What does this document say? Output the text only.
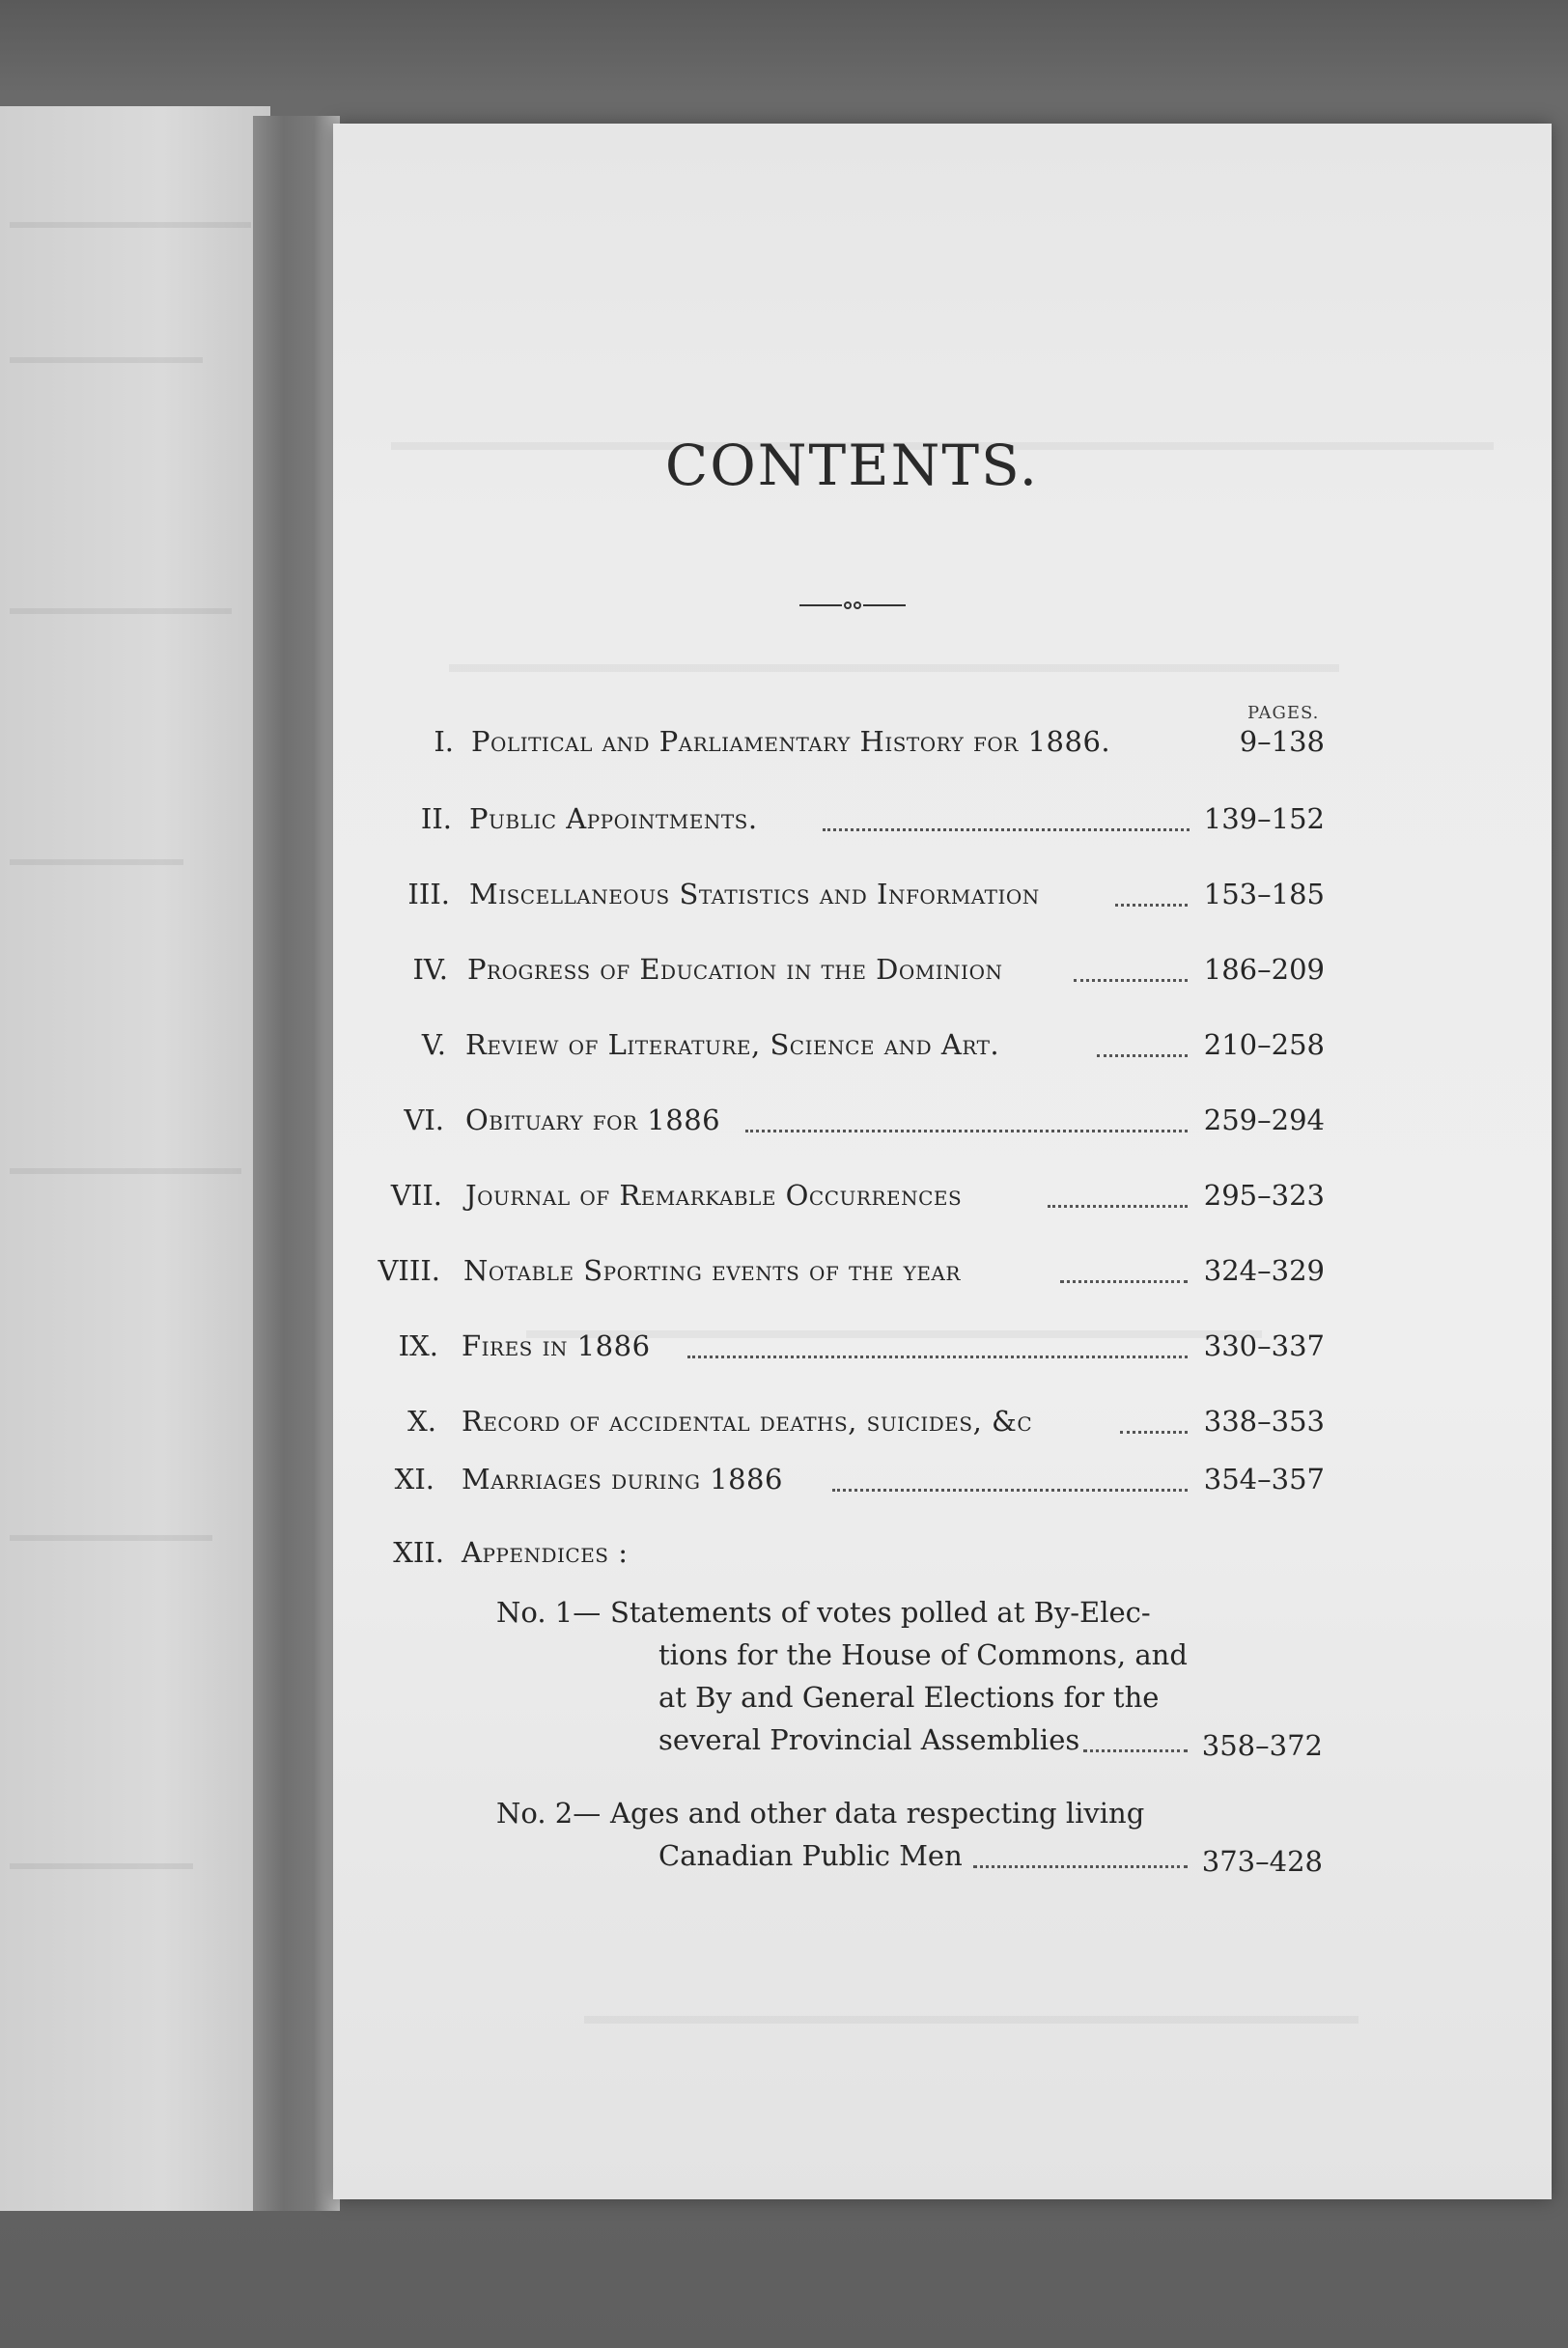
CONTENTS.
PAGES.
I. Political and Parliamentary History for 1886.	9–138
II. Public Appointments.	139–152
III. Miscellaneous Statistics and Information	153–185
IV. Progress of Education in the Dominion	186–209
V. Review of Literature, Science and Art.	210–258
VI. Obituary for 1886	259–294
VII. Journal of Remarkable Occurrences	295–323
VIII. Notable Sporting events of the year	324–329
IX. Fires in 1886	330–337
X. Record of accidental deaths, suicides, &c	338–353
XI. Marriages during 1886	354–357
XII. Appendices :
No. 1— Statements of votes polled at By-Elec-
tions for the House of Commons, and
at By and General Elections for the
several Provincial Assemblies	358–372
No. 2— Ages and other data respecting living
Canadian Public Men	373–428
